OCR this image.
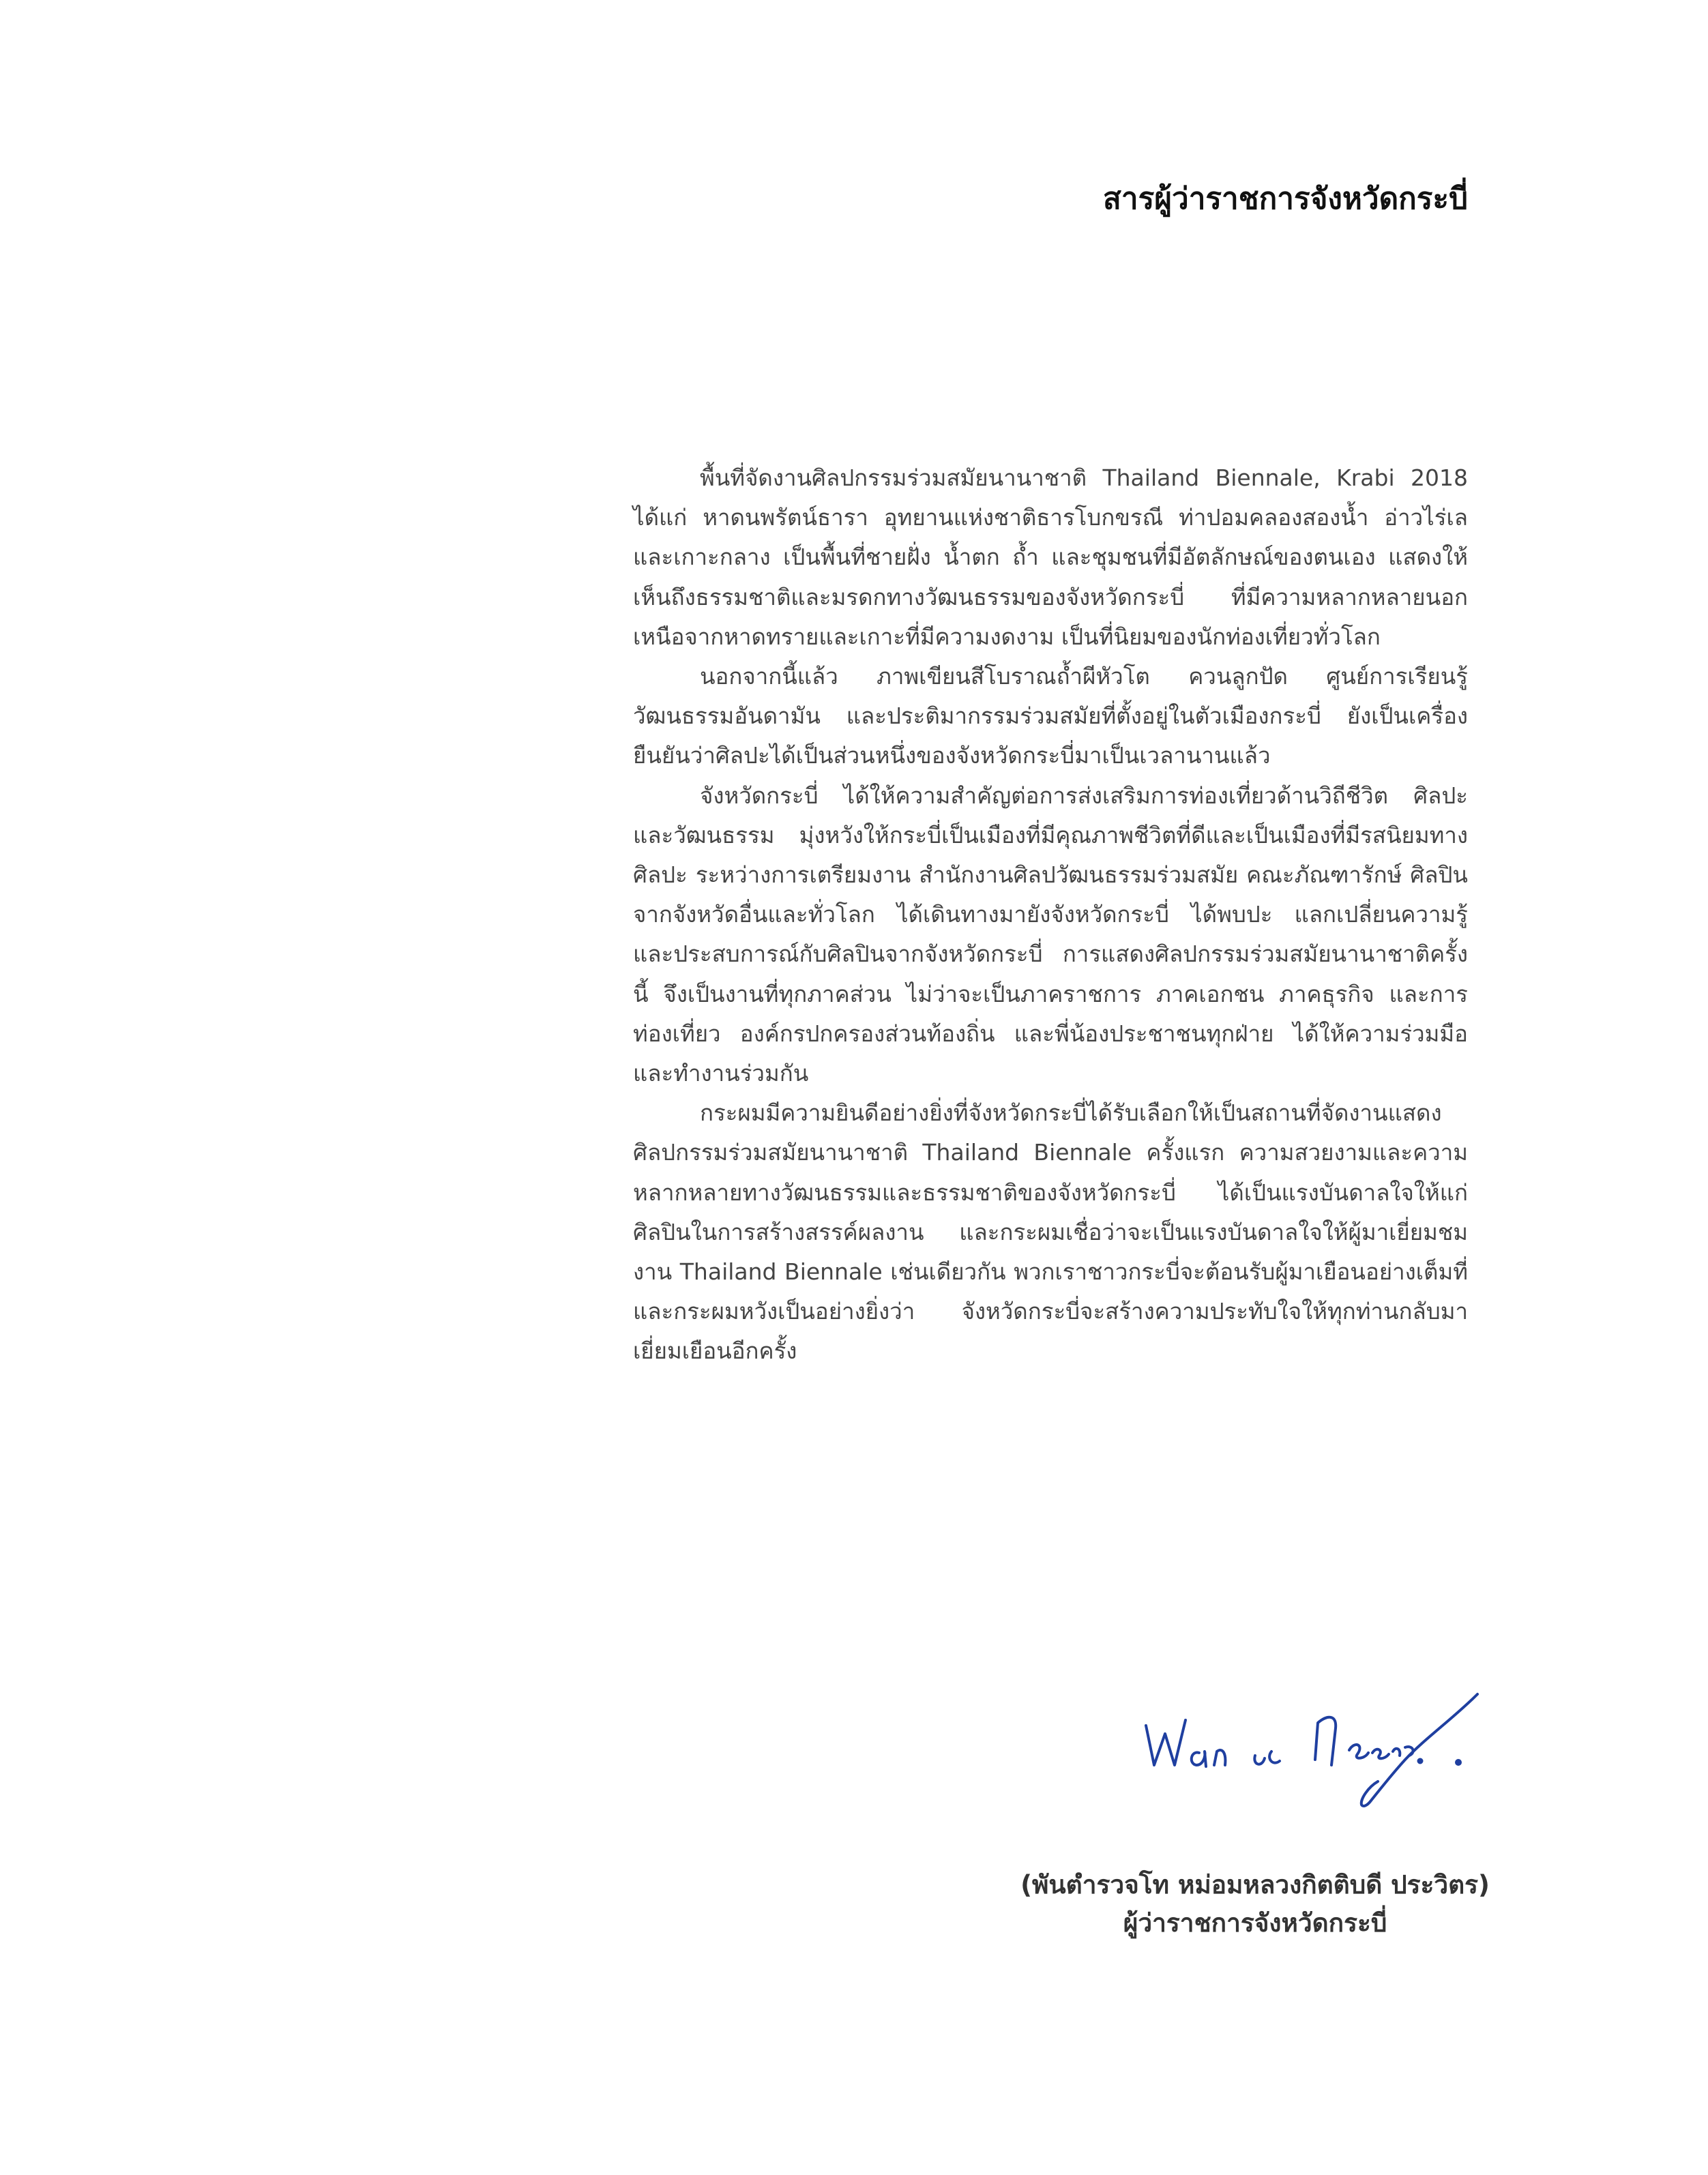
สารผู้ว่าราชการจังหวัดกระบี่

พื้นที่จัดงานศิลปกรรมร่วมสมัยนานาชาติ Thailand Biennale, Krabi 2018 ได้แก่ หาดนพรัตน์ธารา อุทยานแห่งชาติธารโบกขรณี ท่าปอมคลองสองน้ำ อ่าวไร่เล และเกาะกลาง เป็นพื้นที่ชายฝั่ง น้ำตก ถ้ำ และชุมชนที่มีอัตลักษณ์ของตนเอง แสดงให้เห็นถึงธรรมชาติและมรดกทางวัฒนธรรมของจังหวัดกระบี่ ที่มีความหลากหลายนอกเหนือจากหาดทรายและเกาะที่มีความงดงาม เป็นที่นิยมของนักท่องเที่ยวทั่วโลก

นอกจากนี้แล้ว ภาพเขียนสีโบราณถ้ำผีหัวโต ควนลูกปัด ศูนย์การเรียนรู้วัฒนธรรมอันดามัน และประติมากรรมร่วมสมัยที่ตั้งอยู่ในตัวเมืองกระบี่ ยังเป็นเครื่องยืนยันว่าศิลปะได้เป็นส่วนหนึ่งของจังหวัดกระบี่มาเป็นเวลานานแล้ว

จังหวัดกระบี่ ได้ให้ความสำคัญต่อการส่งเสริมการท่องเที่ยวด้านวิถีชีวิต ศิลปะและวัฒนธรรม มุ่งหวังให้กระบี่เป็นเมืองที่มีคุณภาพชีวิตที่ดีและเป็นเมืองที่มีรสนิยมทางศิลปะ ระหว่างการเตรียมงาน สำนักงานศิลปวัฒนธรรมร่วมสมัย คณะภัณฑารักษ์ ศิลปินจากจังหวัดอื่นและทั่วโลก ได้เดินทางมายังจังหวัดกระบี่ ได้พบปะ แลกเปลี่ยนความรู้ และประสบการณ์กับศิลปินจากจังหวัดกระบี่ การแสดงศิลปกรรมร่วมสมัยนานาชาติครั้งนี้ จึงเป็นงานที่ทุกภาคส่วน ไม่ว่าจะเป็นภาคราชการ ภาคเอกชน ภาคธุรกิจ และการท่องเที่ยว องค์กรปกครองส่วนท้องถิ่น และพี่น้องประชาชนทุกฝ่าย ได้ให้ความร่วมมือและทำงานร่วมกัน

กระผมมีความยินดีอย่างยิ่งที่จังหวัดกระบี่ได้รับเลือกให้เป็นสถานที่จัดงานแสดงศิลปกรรมร่วมสมัยนานาชาติ Thailand Biennale ครั้งแรก ความสวยงามและความหลากหลายทางวัฒนธรรมและธรรมชาติของจังหวัดกระบี่ ได้เป็นแรงบันดาลใจให้แก่ศิลปินในการสร้างสรรค์ผลงาน และกระผมเชื่อว่าจะเป็นแรงบันดาลใจให้ผู้มาเยี่ยมชมงาน Thailand Biennale เช่นเดียวกัน พวกเราชาวกระบี่จะต้อนรับผู้มาเยือนอย่างเต็มที่ และกระผมหวังเป็นอย่างยิ่งว่า จังหวัดกระบี่จะสร้างความประทับใจให้ทุกท่านกลับมาเยี่ยมเยือนอีกครั้ง

(พันตำรวจโท หม่อมหลวงกิตติบดี ประวิตร)
ผู้ว่าราชการจังหวัดกระบี่
